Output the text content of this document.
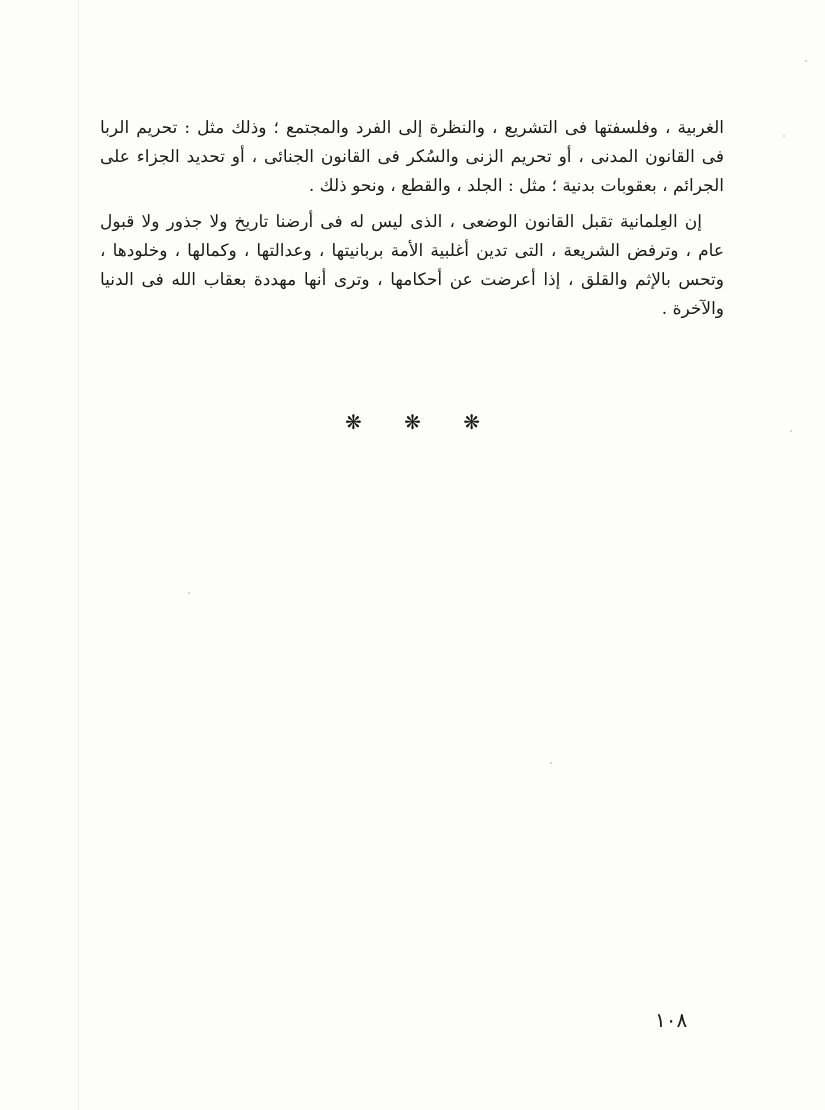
الغربية ، وفلسفتها فى التشريع ، والنظرة إلى الفرد والمجتمع ؛ وذلك مثل : تحريم الربا فى القانون المدنى ، أو تحريم الزنى والسُكر فى القانون الجنائى ، أو تحديد الجزاء على الجرائم ، بعقوبات بدنية ؛ مثل : الجلد ، والقطع ، ونحو ذلك .

إن العِلمانية تقبل القانون الوضعى ، الذى ليس له فى أرضنا تاريخ ولا جذور ولا قبول عام ، وترفض الشريعة ، التى تدين أغلبية الأمة بربانيتها ، وعدالتها ، وكمالها ، وخلودها ، وتحس بالإثم والقلق ، إذا أعرضت عن أحكامها ، وترى أنها مهددة بعقاب الله فى الدنيا والآخرة .

❋ ❋ ❋
١٠٨
